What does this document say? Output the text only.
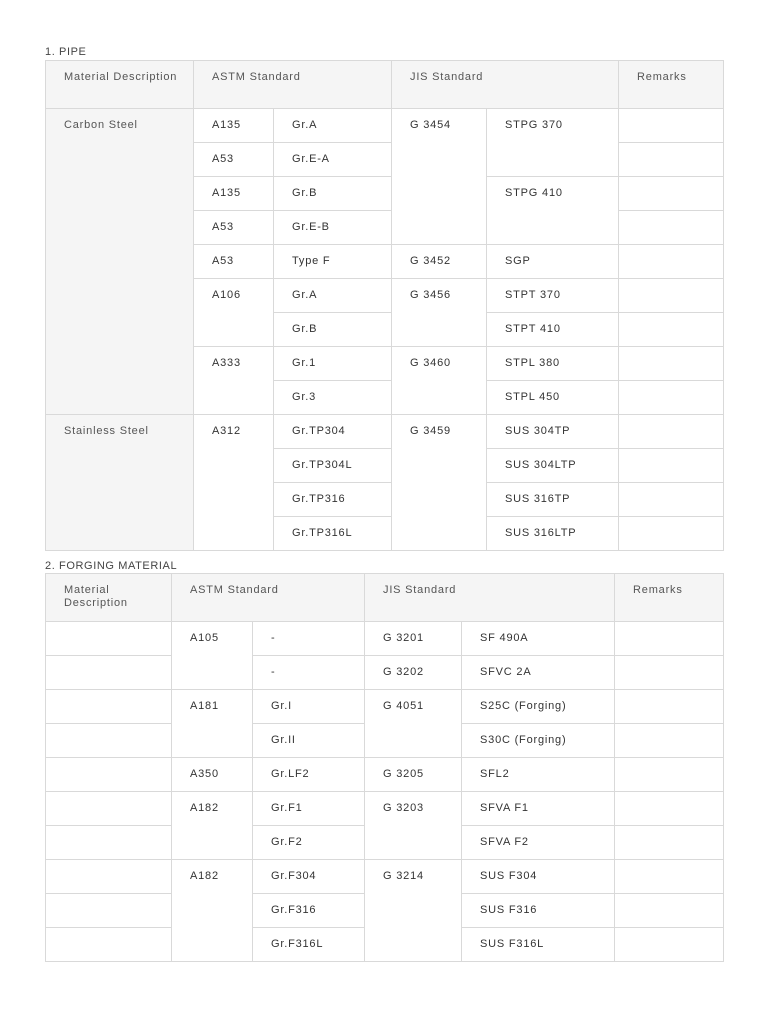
1. PIPE
Material Description	ASTM Standard		JIS Standard		Remarks
Carbon Steel	A135	Gr.A	G 3454	STPG 370	
	A53	Gr.E-A			
	A135	Gr.B		STPG 410	
	A53	Gr.E-B			
	A53	Type F	G 3452	SGP	
	A106	Gr.A	G 3456	STPT 370	
		Gr.B		STPT 410	
	A333	Gr.1	G 3460	STPL 380	
		Gr.3		STPL 450	
Stainless Steel	A312	Gr.TP304	G 3459	SUS 304TP	
		Gr.TP304L		SUS 304LTP	
		Gr.TP316		SUS 316TP	
		Gr.TP316L		SUS 316LTP	
2. FORGING MATERIAL
Material Description	ASTM Standard		JIS Standard		Remarks
	A105	-	G 3201	SF 490A	
		-	G 3202	SFVC 2A	
	A181	Gr.I	G 4051	S25C (Forging)	
		Gr.II		S30C (Forging)	
	A350	Gr.LF2	G 3205	SFL2	
	A182	Gr.F1	G 3203	SFVA F1	
		Gr.F2		SFVA F2	
	A182	Gr.F304	G 3214	SUS F304	
		Gr.F316		SUS F316	
		Gr.F316L		SUS F316L	
